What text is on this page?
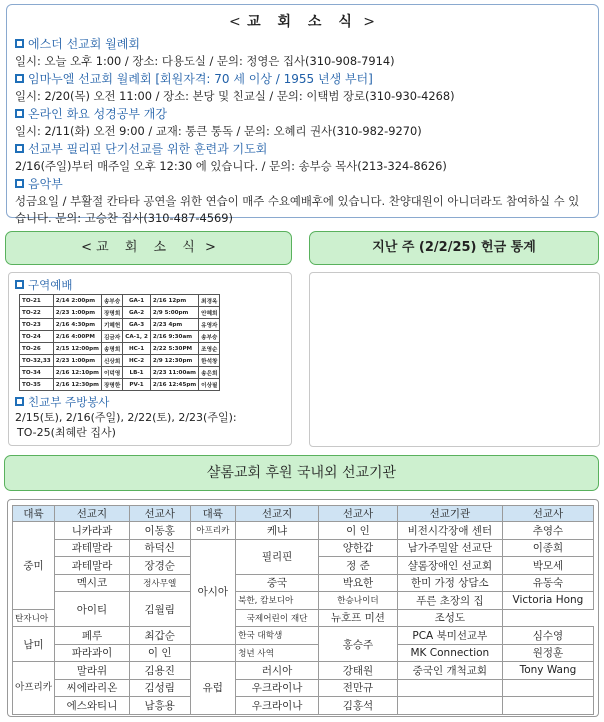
< 교 회 소 식 >
에스더 선교회 월례회
일시: 오늘 오후 1:00 / 장소: 다용도실 / 문의: 정영은 집사(310-908-7914)
임마누엘 선교회 월례회 [회원자격: 70 세 이상 / 1955 년생 부터]
일시: 2/20(목) 오전 11:00 / 장소: 본당 및 친교실 / 문의: 이택범 장로(310-930-4268)
온라인 화요 성경공부 개강
일시: 2/11(화) 오전 9:00 / 교재: 통큰 통독 / 문의: 오혜리 권사(310-982-9270)
선교부 필리핀 단기선교를 위한 훈련과 기도회
2/16(주일)부터 매주일 오후 12:30 에 있습니다. / 문의: 송부승 목사(213-324-8626)
음악부
성금요일 / 부활절 칸타타 공연을 위한 연습이 매주 수요예배후에 있습니다. 찬양대원이 아니더라도 참여하실 수 있습니다. 문의: 고승찬 집사(310-487-4569)
< 교 회 소 식 >	지난 주 (2/2/25) 헌금 통계
구역예배
TO-21	2/14 2:00pm	송부승	GA-1	2/16 12pm	최경옥
TO-22	2/23 1:00pm	장명희	GA-2	2/9 5:00pm	안혜희
TO-23	2/16 4:30pm	기혜헌	GA-3	2/23 4pm	유영자
TO-24	2/16 4:00PM	김금자	CA-1, 2	2/16 9:30am	송부승
TO-26	2/15 12:00pm	송명희	HC-1	2/22 5:30PM	조영순
TO-32,33	2/23 1:00pm	신상희	HC-2	2/9 12:30pm	한석창
TO-34	2/16 12:10pm	이덕영	LB-1	2/23 11:00am	송은희
TO-35	2/16 12:30pm	장명한	PV-1	2/16 12:45pm	이상필
친교부 주방봉사
2/15(토), 2/16(주일), 2/22(토), 2/23(주일):
TO-25(최혜란 집사)
샬롬교회 후원 국내외 선교기관
대륙	선교지	선교사	대륙	선교지	선교사	선교기관	선교사
중미	니카라과	이동홍	아프리카	케냐	이 인	비전시각장애 센터	추영수
	과테말라	하덕신	아시아	필리핀	양한갑	남가주밀알 선교단	이종희
	과테말라	장경순			정 준	샬롬장애인 선교회	박모세
	멕시코	정사무엘		중국	박요한	한미 가정 상담소	유동숙
	아이티	김월림		북한, 캄보디아	한승나이더	푸른 초장의 집	Victoria Hong
탄자니아				국제어린이 재단	뉴호프 미션	조성도	
남미	페루	최갑순		한국 대학생	홍승주	PCA 북미선교부	심수영
	파라과이	이 인		청년 사역		MK Connection	원정훈
아프리카	말라위	김용진	유럽	러시아	강태원	중국인 개척교회	Tony Wang
	씨에라리온	김성림		우크라이나	전만규		
	에스와티니	남흥용		우크라이나	김홍석		
